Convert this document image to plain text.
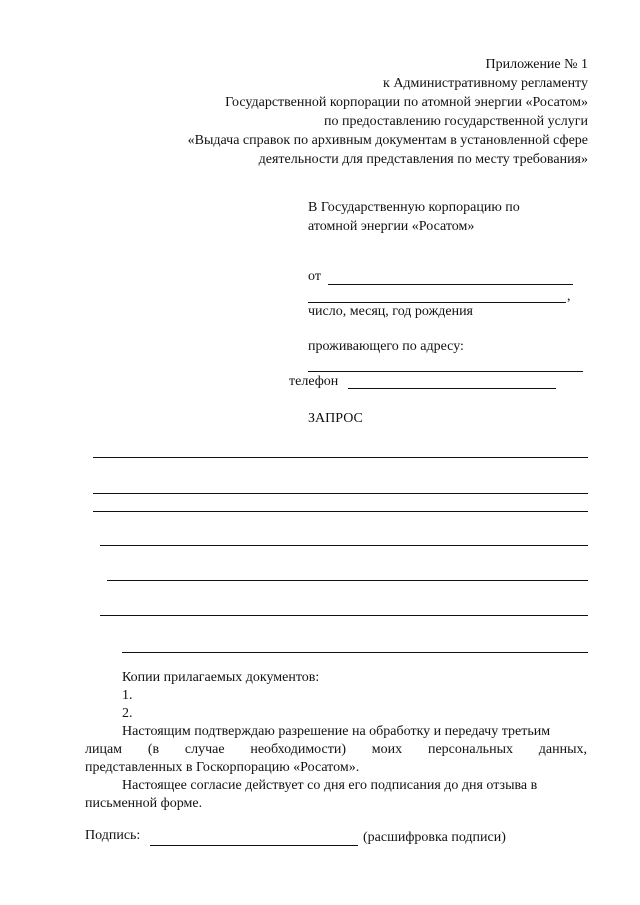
Приложение № 1
к Административному регламенту
Государственной корпорации по атомной энергии «Росатом»
по предоставлению государственной услуги
«Выдача справок по архивным документам в установленной сфере
деятельности для представления по месту требования»
В Государственную корпорацию по
атомной энергии «Росатом»
от
,
число, месяц, год рождения
проживающего по адресу:
телефон
ЗАПРОС
Копии прилагаемых документов:
1.
2.
Настоящим подтверждаю разрешение на обработку и передачу третьим
лицам (в случае необходимости) моих персональных данных,
представленных в Госкорпорацию «Росатом».
Настоящее согласие действует со дня его подписания до дня отзыва в
письменной форме.
Подпись:	(расшифровка подписи)
